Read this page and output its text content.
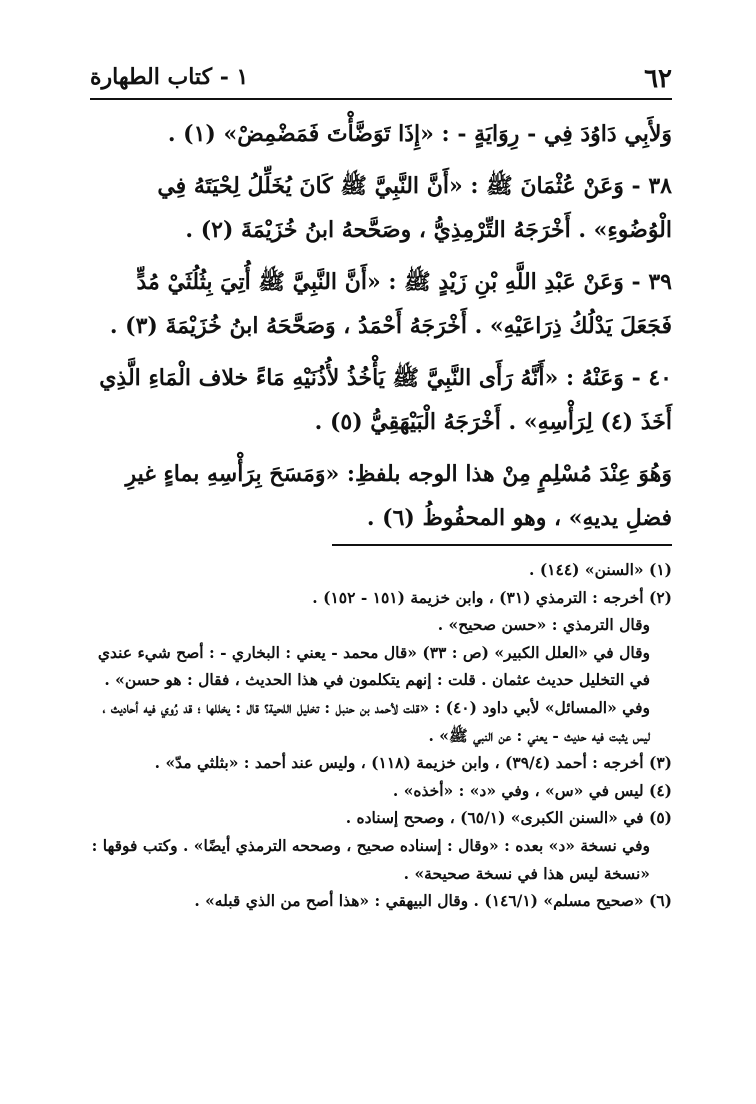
٦٢
١ - كتاب الطهارة

وَلأَبِي دَاوُدَ فِي - رِوَايَةٍ - : «إِذَا تَوَضَّأْتَ فَمَضْمِضْ» (١) .

٣٨ - وَعَنْ عُثْمَانَ ﷺ : «أَنَّ النَّبِيَّ ﷺ كَانَ يُخَلِّلُ لِحْيَتَهُ فِي الْوُضُوءِ» . أَخْرَجَهُ التِّرْمِذِيُّ ، وصَحَّحهُ ابنُ خُزَيْمَةَ (٢) .

٣٩ - وَعَنْ عَبْدِ اللَّهِ بْنِ زَيْدٍ ﷺ : «أَنَّ النَّبِيَّ ﷺ أُتِيَ بِثُلُثَيْ مُدٍّ فَجَعَلَ يَدْلُكُ ذِرَاعَيْهِ» . أَخْرَجَهُ أَحْمَدُ ، وَصَحَّحَهُ ابنُ خُزَيْمَةَ (٣) .

٤٠ - وَعَنْهُ : «أَنَّهُ رَأَى النَّبِيَّ ﷺ يَأْخُذُ لأُذُنَيْهِ مَاءً خلاف الْمَاءِ الَّذِي أَخَذَ (٤) لِرَأْسِهِ» . أَخْرَجَهُ الْبَيْهَقِيُّ (٥) .

وَهُوَ عِنْدَ مُسْلِمٍ مِنْ هذا الوجه بلفظِ: «وَمَسَحَ بِرَأْسِهِ بماءٍ غيرِ فضلِ يديهِ» ، وهو المحفُوظُ (٦) .

(١) «السنن» (١٤٤) .

(٢) أخرجه : الترمذي (٣١) ، وابن خزيمة (١٥١ - ١٥٢) .

وقال الترمذي : «حسن صحيح» .

وقال في «العلل الكبير» (ص : ٣٣) «قال محمد - يعني : البخاري - : أصح شيء عندي في التخليل حديث عثمان . قلت : إنهم يتكلمون في هذا الحديث ، فقال : هو حسن» .

وفي «المسائل» لأبي داود (٤٠) : «قلت لأحمد بن حنبل : تخليل اللحية؟ قال : يخللها ؛ قد رُوي فيه أحاديث ، ليس يثبت فيه حديث - يعني : عن النبي ﷺ» .

(٣) أخرجه : أحمد (٣٩/٤) ، وابن خزيمة (١١٨) ، وليس عند أحمد : «بثلثي مدّ» .

(٤) ليس في «س» ، وفي «د» : «أخذه» .

(٥) في «السنن الكبرى» (٦٥/١) ، وصحح إسناده .

وفي نسخة «د» بعده : «وقال : إسناده صحيح ، وصححه الترمذي أيضًا» . وكتب فوقها : «نسخة ليس هذا في نسخة صحيحة» .

(٦) «صحيح مسلم» (١٤٦/١) . وقال البيهقي : «هذا أصح من الذي قبله» .
